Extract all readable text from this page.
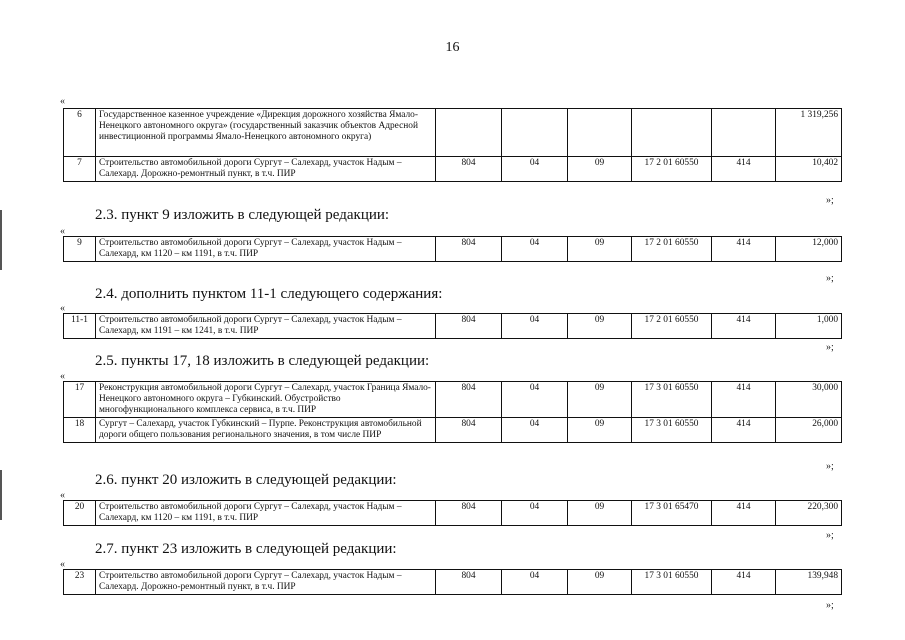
16
«
6	Государственное казенное учреждение «Дирекция дорожного хозяйства Ямало-Ненецкого автономного округа» (государственный заказчик объектов Адресной инвестиционной программы Ямало-Ненецкого автономного округа)						1 319,256
7	Строительство автомобильной дороги Сургут – Салехард, участок Надым – Салехард. Дорожно-ремонтный пункт, в т.ч. ПИР	804	04	09	17 2 01 60550	414	10,402
»;
2.3. пункт 9 изложить в следующей редакции:
«
9	Строительство автомобильной дороги Сургут – Салехард, участок Надым – Салехард, км 1120 – км 1191, в т.ч. ПИР	804	04	09	17 2 01 60550	414	12,000
»;
2.4. дополнить пунктом 11-1 следующего содержания:
«
11-1	Строительство автомобильной дороги Сургут – Салехард, участок Надым – Салехард, км 1191 – км 1241, в т.ч. ПИР	804	04	09	17 2 01 60550	414	1,000
»;
2.5. пункты 17, 18 изложить в следующей редакции:
«
17	Реконструкция автомобильной дороги Сургут – Салехард, участок Граница Ямало-Ненецкого автономного округа – Губкинский. Обустройство многофункционального комплекса сервиса, в т.ч. ПИР	804	04	09	17 3 01 60550	414	30,000
18	Сургут – Салехард, участок Губкинский – Пурпе. Реконструкция автомобильной дороги общего пользования регионального значения, в том числе ПИР	804	04	09	17 3 01 60550	414	26,000
»;
2.6. пункт 20 изложить в следующей редакции:
«
20	Строительство автомобильной дороги Сургут – Салехард, участок Надым – Салехард, км 1120 – км 1191, в т.ч. ПИР	804	04	09	17 3 01 65470	414	220,300
»;
2.7. пункт 23 изложить в следующей редакции:
«
23	Строительство автомобильной дороги Сургут – Салехард, участок Надым – Салехард. Дорожно-ремонтный пункт, в т.ч. ПИР	804	04	09	17 3 01 60550	414	139,948
»;
